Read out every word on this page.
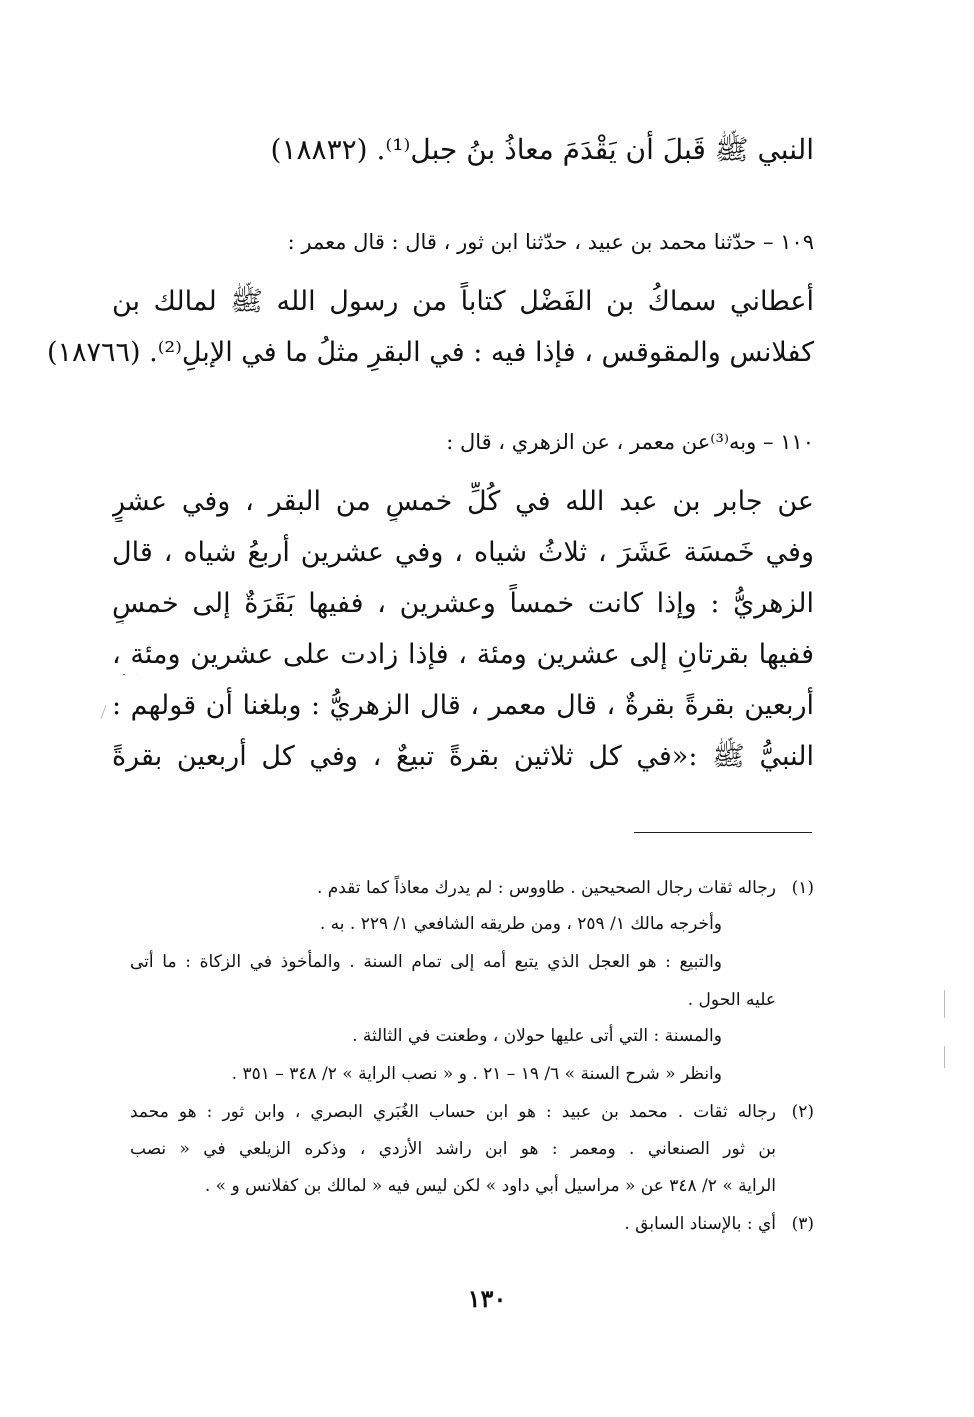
النبي ﷺ قَبلَ أن يَقْدَمَ معاذُ بنُ جبل⁽¹⁾. (١٨٨٣٢)
١٠٩ – حدّثنا محمد بن عبيد ، حدّثنا ابن ثور ، قال : قال معمر :
أعطاني سماكُ بن الفَضْل كتاباً من رسول الله ﷺ لمالك بن
كفلانس والمقوقس ، فإذا فيه : في البقرِ مثلُ ما في الإبلِ⁽²⁾. (١٨٧٦٦)
١١٠ – وبه⁽³⁾عن معمر ، عن الزهري ، قال :
عن جابر بن عبد الله في كُلِّ خمسٍ من البقر ، وفي عشرٍ
وفي خَمسَة عَشَرَ ، ثلاثُ شياه ، وفي عشرين أربعُ شياه ، قال
الزهريُّ : وإذا كانت خمساً وعشرين ، ففيها بَقَرَةٌ إلى خمسٍ
ففيها بقرتانِ إلى عشرين ومئة ، فإذا زادت على عشرين ومئة ،
أربعين بقرةً بقرةٌ ، قال معمر ، قال الزهريُّ : وبلغنا أن قولهم :
النبيُّ ﷺ :«في كل ثلاثين بقرةً تبيعٌ ، وفي كل أربعين بقرةً
(١)
رجاله ثقات رجال الصحيحين . طاووس : لم يدرك معاذاً كما تقدم .
وأخرجه مالك ١/ ٢٥٩ ، ومن طريقه الشافعي ١/ ٢٢٩ . به .
والتبيع : هو العجل الذي يتبع أمه إلى تمام السنة . والمأخوذ في الزكاة : ما أتى
عليه الحول .
والمسنة : التي أتى عليها حولان ، وطعنت في الثالثة .
وانظر « شرح السنة » ٦/ ١٩ – ٢١ . و « نصب الراية » ٢/ ٣٤٨ – ٣٥١ .
(٢)
رجاله ثقات . محمد بن عبيد : هو ابن حساب الغُبَري البصري ، وابن ثور : هو محمد
بن ثور الصنعاني . ومعمر : هو ابن راشد الأزدي ، وذكره الزيلعي في « نصب
الراية » ٢/ ٣٤٨ عن « مراسيل أبي داود » لكن ليس فيه « لمالك بن كفلانس و » .
(٣)
أي : بالإسناد السابق .
١٣٠
